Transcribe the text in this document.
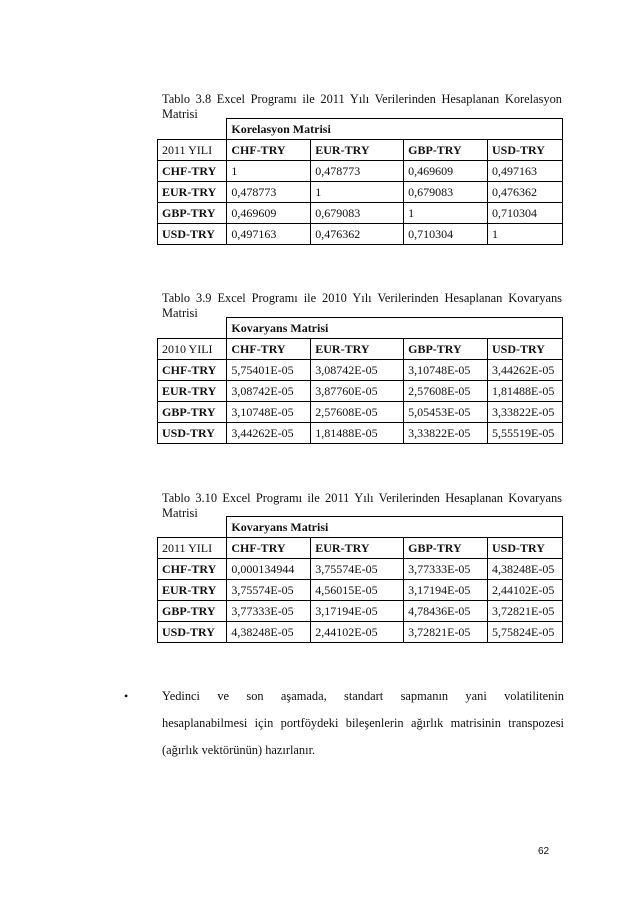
Tablo 3.8 Excel Programı ile 2011 Yılı Verilerinden Hesaplanan Korelasyon
Matrisi
	Korelasyon Matrisi			
2011 YILI	CHF-TRY	EUR-TRY	GBP-TRY	USD-TRY
CHF-TRY	1	0,478773	0,469609	0,497163
EUR-TRY	0,478773	1	0,679083	0,476362
GBP-TRY	0,469609	0,679083	1	0,710304
USD-TRY	0,497163	0,476362	0,710304	1
Tablo 3.9 Excel Programı ile 2010 Yılı Verilerinden Hesaplanan Kovaryans
Matrisi
	Kovaryans Matrisi			
2010 YILI	CHF-TRY	EUR-TRY	GBP-TRY	USD-TRY
CHF-TRY	5,75401E-05	3,08742E-05	3,10748E-05	3,44262E-05
EUR-TRY	3,08742E-05	3,87760E-05	2,57608E-05	1,81488E-05
GBP-TRY	3,10748E-05	2,57608E-05	5,05453E-05	3,33822E-05
USD-TRY	3,44262E-05	1,81488E-05	3,33822E-05	5,55519E-05
Tablo 3.10 Excel Programı ile 2011 Yılı Verilerinden Hesaplanan Kovaryans
Matrisi
	Kovaryans Matrisi			
2011 YILI	CHF-TRY	EUR-TRY	GBP-TRY	USD-TRY
CHF-TRY	0,000134944	3,75574E-05	3,77333E-05	4,38248E-05
EUR-TRY	3,75574E-05	4,56015E-05	3,17194E-05	2,44102E-05
GBP-TRY	3,77333E-05	3,17194E-05	4,78436E-05	3,72821E-05
USD-TRY	4,38248E-05	2,44102E-05	3,72821E-05	5,75824E-05
•	Yedinci ve son aşamada, standart sapmanın yani volatilitenin
hesaplanabilmesi için portföydeki bileşenlerin ağırlık matrisinin transpozesi
(ağırlık vektörünün) hazırlanır.
62
